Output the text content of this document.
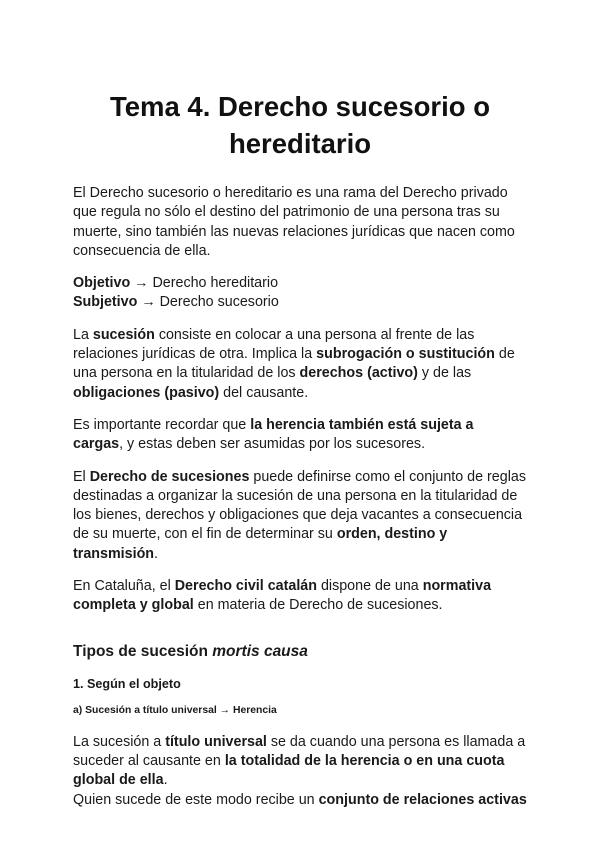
Tema 4. Derecho sucesorio o hereditario

El Derecho sucesorio o hereditario es una rama del Derecho privado que regula no sólo el destino del patrimonio de una persona tras su muerte, sino también las nuevas relaciones jurídicas que nacen como consecuencia de ella.

Objetivo → Derecho hereditario

Subjetivo → Derecho sucesorio

La sucesión consiste en colocar a una persona al frente de las relaciones jurídicas de otra. Implica la subrogación o sustitución de una persona en la titularidad de los derechos (activo) y de las obligaciones (pasivo) del causante.

Es importante recordar que la herencia también está sujeta a cargas, y estas deben ser asumidas por los sucesores.

El Derecho de sucesiones puede definirse como el conjunto de reglas destinadas a organizar la sucesión de una persona en la titularidad de los bienes, derechos y obligaciones que deja vacantes a consecuencia de su muerte, con el fin de determinar su orden, destino y transmisión.

En Cataluña, el Derecho civil catalán dispone de una normativa completa y global en materia de Derecho de sucesiones.

Tipos de sucesión mortis causa
1. Según el objeto
a) Sucesión a título universal → Herencia

La sucesión a título universal se da cuando una persona es llamada a suceder al causante en la totalidad de la herencia o en una cuota global de ella.

Quien sucede de este modo recibe un conjunto de relaciones activas
